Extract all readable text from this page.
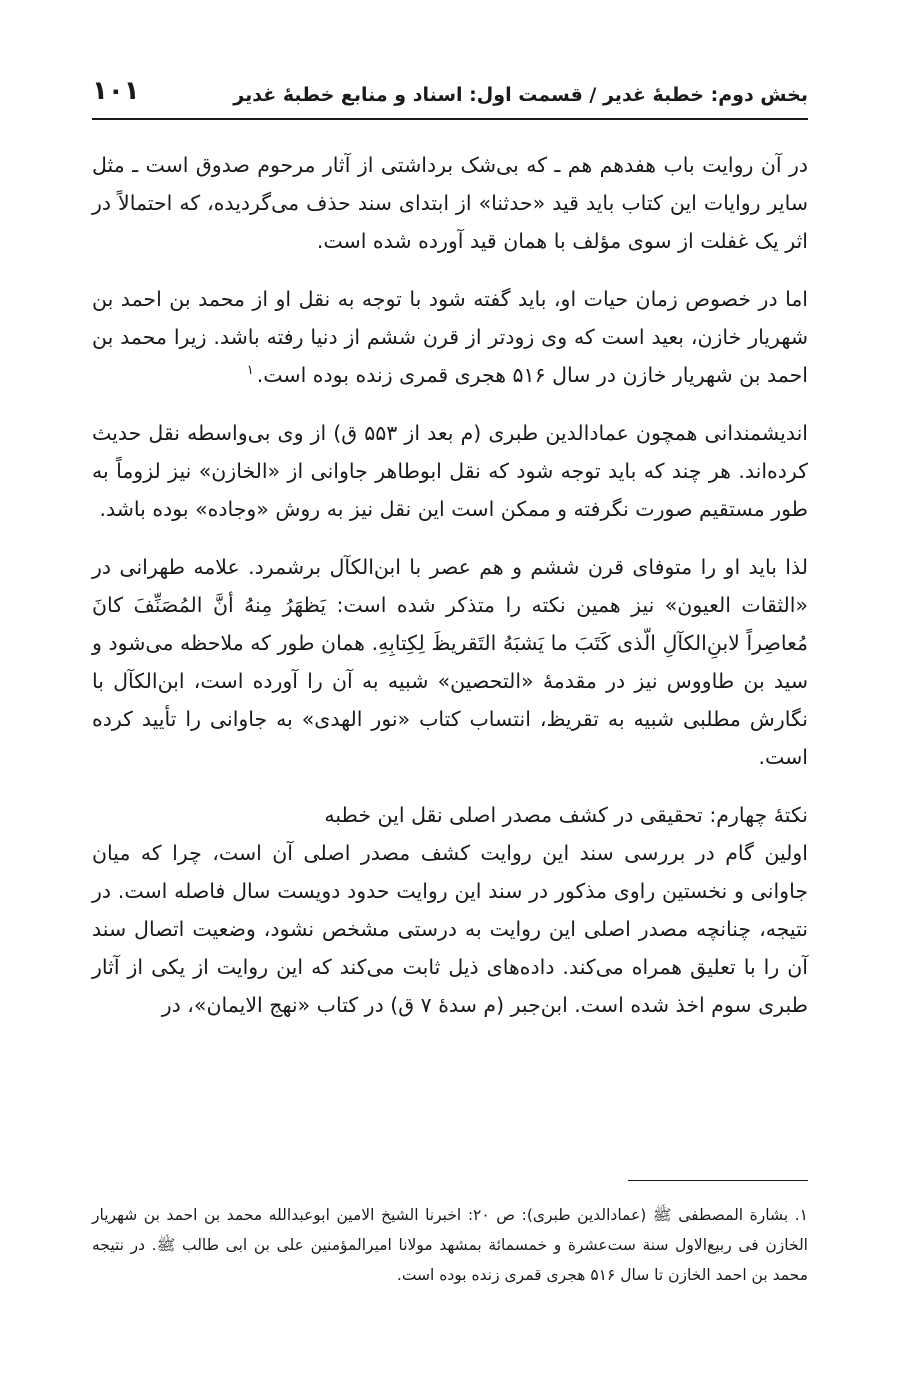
بخش دوم: خطبهٔ غدیر / قسمت اول: اسناد و منابع خطبهٔ غدیر
۱۰۱

در آن روایت باب هفدهم هم ـ که بی‌شک برداشتی از آثار مرحوم صدوق است ـ مثل سایر روایات این کتاب باید قید «حدثنا» از ابتدای سند حذف می‌گردیده، که احتمالاً در اثر یک غفلت از سوی مؤلف با همان قید آورده شده است.

اما در خصوص زمان حیات او، باید گفته شود با توجه به نقل او از محمد بن احمد بن شهریار خازن، بعید است که وی زودتر از قرن ششم از دنیا رفته باشد. زیرا محمد بن احمد بن شهریار خازن در سال ۵۱۶ هجری قمری زنده بوده است.$^۱$

اندیشمندانی همچون عمادالدین طبری (م بعد از ۵۵۳ ق) از وی بی‌واسطه نقل حدیث کرده‌اند. هر چند که باید توجه شود که نقل ابوطاهر جاوانی از «الخازن» نیز لزوماً به طور مستقیم صورت نگرفته و ممکن است این نقل نیز به روش «وجاده» بوده باشد.

لذا باید او را متوفای قرن ششم و هم عصر با ابن‌الکآل برشمرد. علامه طهرانی در «الثقات العیون» نیز همین نکته را متذکر شده است: یَظهَرُ مِنهُ أنَّ المُصَنِّفَ کانَ مُعاصِراً لابنِ‌الکآلِ الّذی کَتَبَ ما یَشبَهُ التَقریظَ لِکِتابِهِ. همان طور که ملاحظه می‌شود و سید بن طاووس نیز در مقدمهٔ «التحصین» شبیه به آن را آورده است، ابن‌الکآل با نگارش مطلبی شبیه به تقریظ، انتساب کتاب «نور الهدی» به جاوانی را تأیید کرده است.

نکتهٔ چهارم: تحقیقی در کشف مصدر اصلی نقل این خطبه

اولین گام در بررسی سند این روایت کشف مصدر اصلی آن است، چرا که میان جاوانی و نخستین راوی مذکور در سند این روایت حدود دویست سال فاصله است. در نتیجه، چنانچه مصدر اصلی این روایت به درستی مشخص نشود، وضعیت اتصال سند آن را با تعلیق همراه می‌کند. داده‌های ذیل ثابت می‌کند که این روایت از یکی از آثار طبری سوم اخذ شده است. ابن‌جبر (م سدهٔ ۷ ق) در کتاب «نهج الایمان»، در

۱. بشارة المصطفی ﷺ (عمادالدین طبری): ص ۲۰: اخبرنا الشیخ الامین ابوعبدالله محمد بن احمد بن شهریار الخازن فی ربیع‌الاول سنة ست‌عشرة و خمسمائة بمشهد مولانا امیرالمؤمنین علی بن ابی طالب ﷺ. در نتیجه محمد بن احمد الخازن تا سال ۵۱۶ هجری قمری زنده بوده است.
